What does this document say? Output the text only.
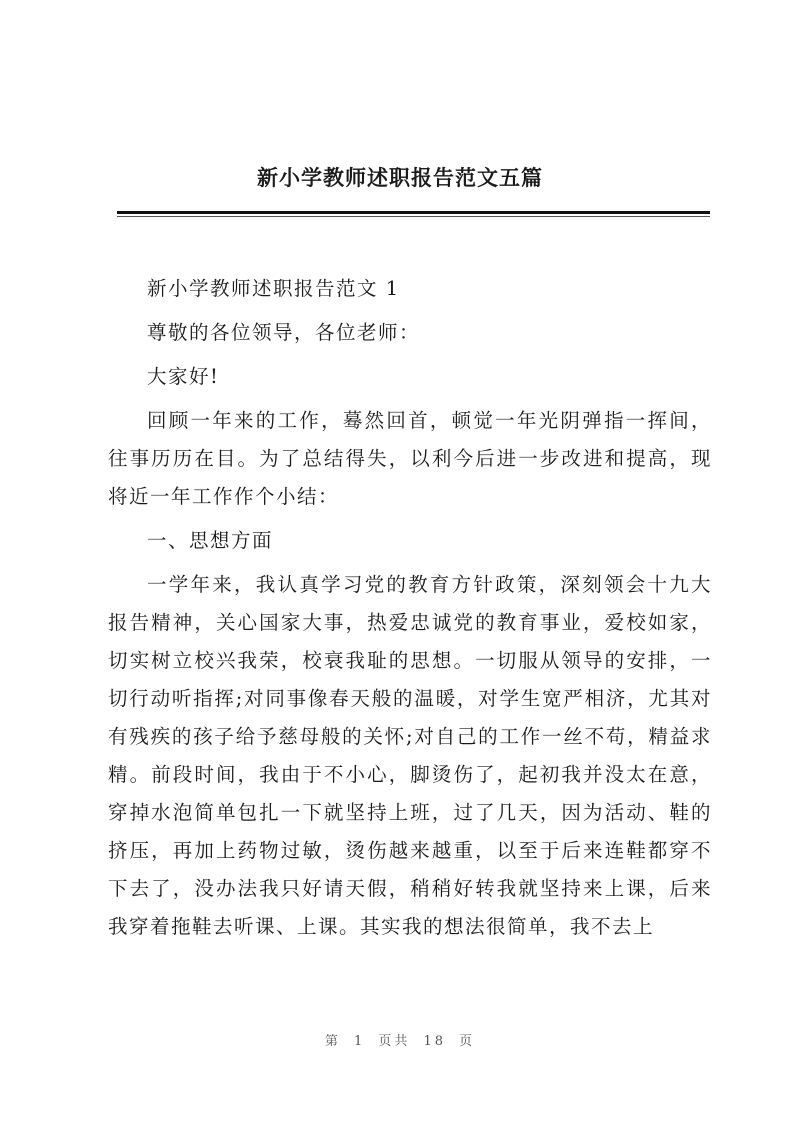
新小学教师述职报告范文五篇

新小学教师述职报告范文 1

尊敬的各位领导，各位老师：

大家好!

回顾一年来的工作，蓦然回首，顿觉一年光阴弹指一挥间，往事历历在目。为了总结得失，以利今后进一步改进和提高，现将近一年工作作个小结：

一、思想方面

一学年来，我认真学习党的教育方针政策，深刻领会十九大报告精神，关心国家大事，热爱忠诚党的教育事业，爱校如家，切实树立校兴我荣，校衰我耻的思想。一切服从领导的安排，一切行动听指挥;对同事像春天般的温暖，对学生宽严相济，尤其对有残疾的孩子给予慈母般的关怀;对自己的工作一丝不苟，精益求精。前段时间，我由于不小心，脚烫伤了，起初我并没太在意，穿掉水泡简单包扎一下就坚持上班，过了几天，因为活动、鞋的挤压，再加上药物过敏，烫伤越来越重，以至于后来连鞋都穿不下去了，没办法我只好请天假，稍稍好转我就坚持来上课，后来我穿着拖鞋去听课、上课。其实我的想法很简单，我不去上

第 1 页共 18 页
